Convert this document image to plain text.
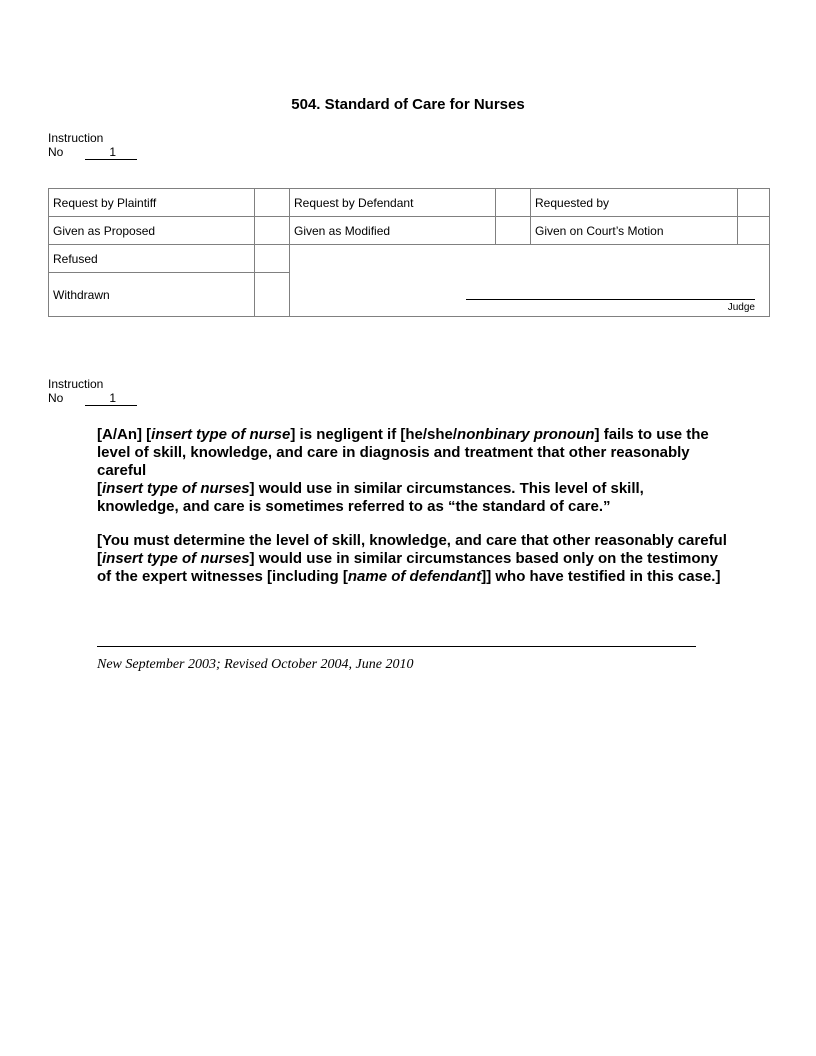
504. Standard of Care for Nurses
Instruction
No	1
Request by Plaintiff		Request by Defendant		Requested by	
Given as Proposed		Given as Modified		Given on Court’s Motion	
Refused		Judge			

Withdrawn					
Instruction
No	1

[A/An] [insert type of nurse] is negligent if [he/she/nonbinary pronoun] fails to use the level of skill, knowledge, and care in diagnosis and treatment that other reasonably careful
[insert type of nurses] would use in similar circumstances. This level of skill, knowledge, and care is sometimes referred to as “the standard of care.”

[You must determine the level of skill, knowledge, and care that other reasonably careful [insert type of nurses] would use in similar circumstances based only on the testimony of the expert witnesses [including [name of defendant]] who have testified in this case.]

New September 2003; Revised October 2004, June 2010
